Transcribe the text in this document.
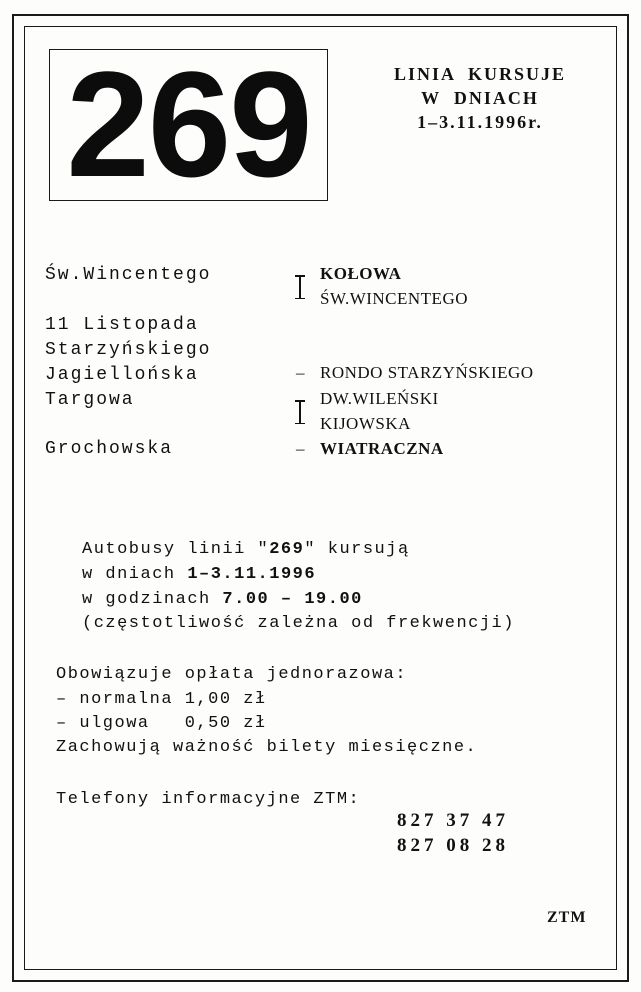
269	LINIA  KURSUJE
W  DNIACH
1–3.11.1996r.
Św.Wincentego
11 Listopada
Starzyńskiego
Jagiellońska
Targowa
Grochowska
KOŁOWA
ŚW.WINCENTEGO
– RONDO STARZYŃSKIEGO
DW.WILEŃSKI
KIJOWSKA
– WIATRACZNA
Autobusy linii "269" kursują
w dniach 1–3.11.1996
w godzinach 7.00 – 19.00
(częstotliwość zależna od frekwencji)
Obowiązuje opłata jednorazowa:
– normalna 1,00 zł
– ulgowa   0,50 zł
Zachowują ważność bilety miesięczne.
Telefony informacyjne ZTM:
827 37 47
827 08 28
ZTM
